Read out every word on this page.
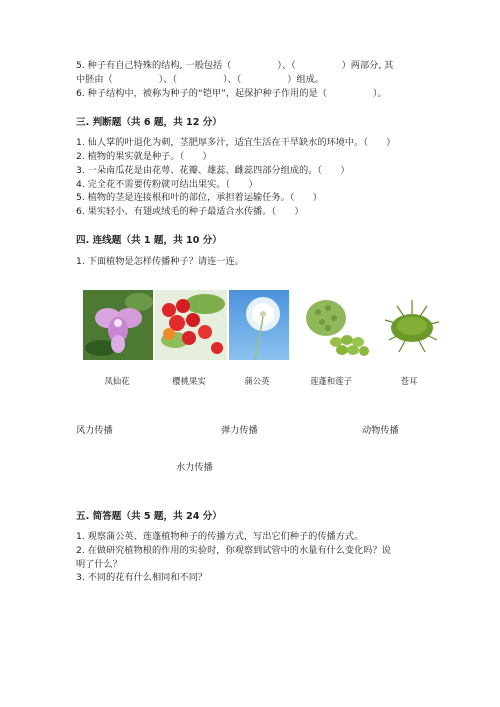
5. 种子有自己特殊的结构, 一般包括（　　　　　）、（　　　　　）两部分, 其
中胚由（　　　　　）、（　　　　　）、（　　　　　）组成。
6. 种子结构中，被称为种子的“铠甲”，起保护种子作用的是（　　　　　）。
三. 判断题（共 6 题，共 12 分）
1. 仙人掌的叶退化为刺，茎肥厚多汁，适宜生活在干旱缺水的环境中。（　　）
2. 植物的果实就是种子。（　　）
3. 一朵南瓜花是由花萼、花瓣、雄蕊、雌蕊四部分组成的。（　　）
4. 完全花不需要传粉就可结出果实。（　　）
5. 植物的茎是连接根和叶的部位，承担着运输任务。（　　）
6. 果实轻小、有翅或绒毛的种子最适合水传播。（　　）
四. 连线题（共 1 题，共 10 分）
1. 下面植物是怎样传播种子？请连一连。
凤仙花	樱桃果实	蒲公英	莲蓬和莲子	苍耳
风力传播	弹力传播	动物传播
水力传播
五. 简答题（共 5 题，共 24 分）
1. 观察蒲公英、莲蓬植物种子的传播方式，写出它们种子的传播方式。
2. 在做研究植物根的作用的实验时，你观察到试管中的水量有什么变化吗？说
明了什么？
3. 不同的花有什么相同和不同？
